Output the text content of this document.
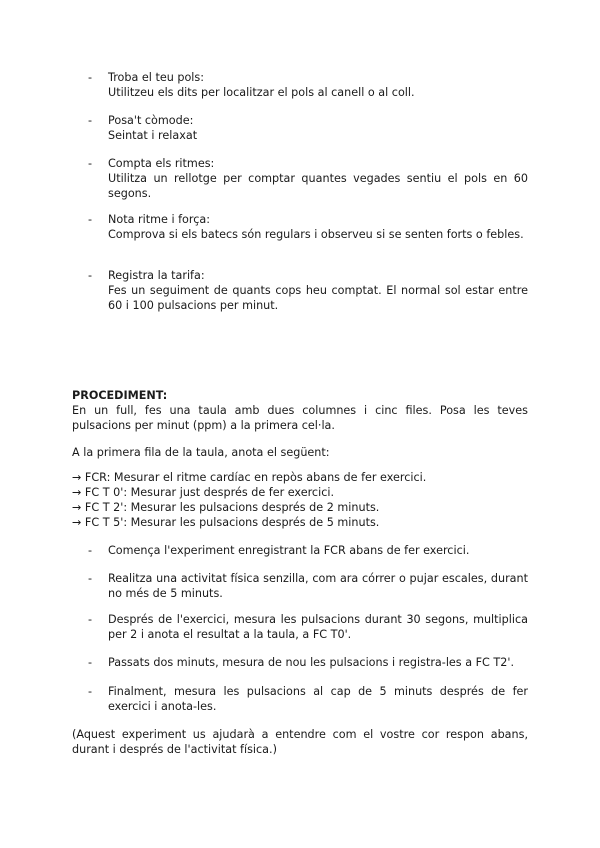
- Troba el teu pols:
Utilitzeu els dits per localitzar el pols al canell o al coll.
- Posa't còmode:
Seintat i relaxat
- Compta els ritmes:
Utilitza un rellotge per comptar quantes vegades sentiu el pols en 60 segons.
- Nota ritme i força:
Comprova si els batecs són regulars i observeu si se senten forts o febles.
- Registra la tarifa:
Fes un seguiment de quants cops heu comptat. El normal sol estar entre 60 i 100 pulsacions per minut.
PROCEDIMENT:
En un full, fes una taula amb dues columnes i cinc files. Posa les teves pulsacions per minut (ppm) a la primera cel·la.
A la primera fila de la taula, anota el següent:
→ FCR: Mesurar el ritme cardíac en repòs abans de fer exercici.
→ FC T 0': Mesurar just després de fer exercici.
→ FC T 2': Mesurar les pulsacions després de 2 minuts.
→ FC T 5': Mesurar les pulsacions després de 5 minuts.
- Comença l'experiment enregistrant la FCR abans de fer exercici.
- Realitza una activitat física senzilla, com ara córrer o pujar escales, durant no més de 5 minuts.
- Després de l'exercici, mesura les pulsacions durant 30 segons, multiplica per 2 i anota el resultat a la taula, a FC T0'.
- Passats dos minuts, mesura de nou les pulsacions i registra-les a FC T2'.
- Finalment, mesura les pulsacions al cap de 5 minuts després de fer exercici i anota-les.
(Aquest experiment us ajudarà a entendre com el vostre cor respon abans, durant i després de l'activitat física.)
